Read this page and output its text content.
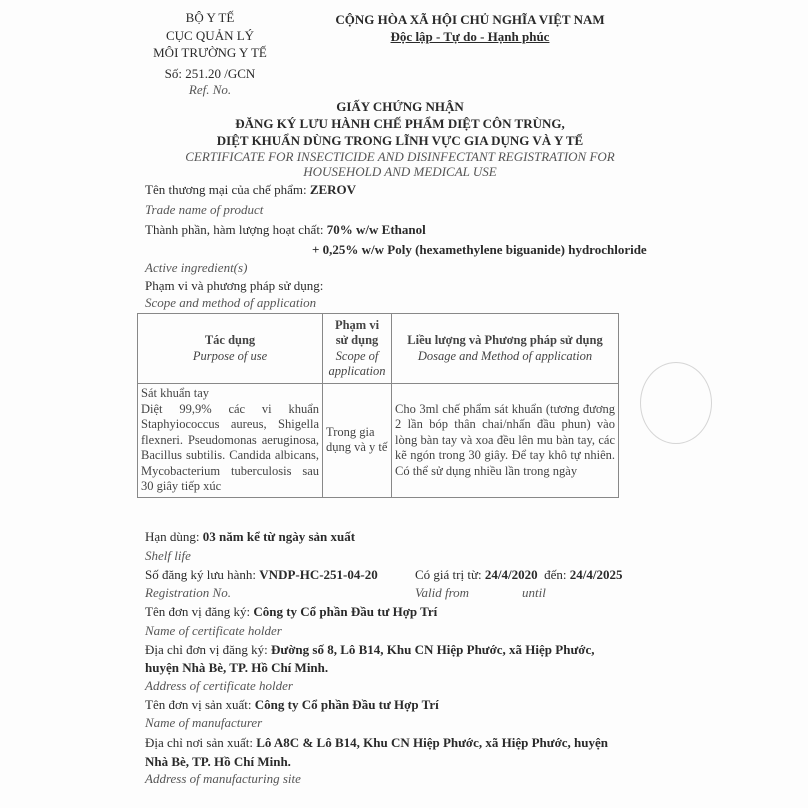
BỘ Y TẾ
CỤC QUẢN LÝ
MÔI TRƯỜNG Y TẾ
Số: 251.20 /GCN
Ref. No.
CỘNG HÒA XÃ HỘI CHỦ NGHĨA VIỆT NAM
Độc lập - Tự do - Hạnh phúc
GIẤY CHỨNG NHẬN
ĐĂNG KÝ LƯU HÀNH CHẾ PHẨM DIỆT CÔN TRÙNG,
DIỆT KHUẨN DÙNG TRONG LĨNH VỰC GIA DỤNG VÀ Y TẾ
CERTIFICATE FOR INSECTICIDE AND DISINFECTANT REGISTRATION FOR
HOUSEHOLD AND MEDICAL USE
Tên thương mại của chế phẩm: ZEROV
Trade name of product
Thành phần, hàm lượng hoạt chất: 70% w/w Ethanol
+ 0,25% w/w Poly (hexamethylene biguanide) hydrochloride
Active ingredient(s)
Phạm vi và phương pháp sử dụng:
Scope and method of application
Tác dụng
Purpose of use	Phạm vi
sử dụng
Scope of
application	Liều lượng và Phương pháp sử dụng
Dosage and Method of application

Sát khuẩn tay
Diệt 99,9% các vi khuẩn Staphyiococcus aureus, Shigella flexneri. Pseudomonas aeruginosa, Bacillus subtilis. Candida albicans, Mycobacterium tuberculosis sau 30 giây tiếp xúc	Trong gia dụng và y tế	Cho 3ml chế phẩm sát khuẩn (tương đương 2 lần bóp thân chai/nhấn đầu phun) vào lòng bàn tay và xoa đều lên mu bàn tay, các kẽ ngón trong 30 giây. Để tay khô tự nhiên. Có thể sử dụng nhiều lần trong ngày
Hạn dùng: 03 năm kể từ ngày sản xuất
Shelf life
Số đăng ký lưu hành: VNDP-HC-251-04-20	Có giá trị từ: 24/4/2020 đến: 24/4/2025
Registration No.	Valid from	until
Tên đơn vị đăng ký: Công ty Cổ phần Đầu tư Hợp Trí
Name of certificate holder
Địa chỉ đơn vị đăng ký: Đường số 8, Lô B14, Khu CN Hiệp Phước, xã Hiệp Phước,
huyện Nhà Bè, TP. Hồ Chí Minh.
Address of certificate holder
Tên đơn vị sản xuất: Công ty Cổ phần Đầu tư Hợp Trí
Name of manufacturer
Địa chỉ nơi sản xuất: Lô A8C & Lô B14, Khu CN Hiệp Phước, xã Hiệp Phước, huyện
Nhà Bè, TP. Hồ Chí Minh.
Address of manufacturing site
